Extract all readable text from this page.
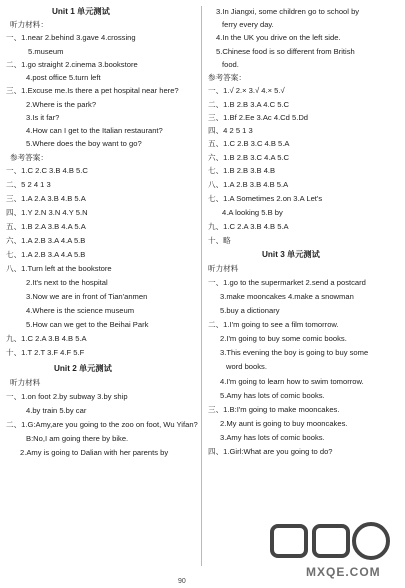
Unit 1 单元测试
听力材料：
一、1.near 2.behind 3.gave 4.crossing
5.museum
二、1.go straight 2.cinema 3.bookstore
4.post office 5.turn left
三、1.Excuse me.Is there a pet hospital near here?
2.Where is the park?
3.Is it far?
4.How can I get to the Italian restaurant?
5.Where does the boy want to go?
参考答案：
一、1.C 2.C 3.B 4.B 5.C
二、5 2 4 1 3
三、1.A 2.A 3.B 4.B 5.A
四、1.Y 2.N 3.N 4.Y 5.N
五、1.B 2.A 3.B 4.A 5.A
六、1.A 2.B 3.A 4.A 5.B
七、1.A 2.B 3.A 4.A 5.B
八、1.Turn left at the bookstore
2.It's next to the hospital
3.Now we are in front of Tian'anmen
4.Where is the science museum
5.How can we get to the Beihai Park
九、1.C 2.A 3.B 4.B 5.A
十、1.T 2.T 3.F 4.F 5.F
Unit 2 单元测试
听力材料
一、1.on foot 2.by subway 3.by ship
4.by train 5.by car
二、1.G:Amy,are you going to the zoo on foot, Wu Yifan?
B:No,I am going there by bike.
2.Amy is going to Dalian with her parents by
3.In Jiangxi, some children go to school by
ferry every day.
4.In the UK you drive on the left side.
5.Chinese food is so different from British
food.
参考答案：
一、1.√ 2.× 3.√ 4.× 5.√
二、1.B 2.B 3.A 4.C 5.C
三、1.Bf 2.Ee 3.Ac 4.Cd 5.Dd
四、4 2 5 1 3
五、1.C 2.B 3.C 4.B 5.A
六、1.B 2.B 3.C 4.A 5.C
七、1.B 2.B 3.B 4.B
八、1.A 2.B 3.B 4.B 5.A
七、1.A Sometimes 2.on 3.A Let's
4.A looking 5.B by
九、1.C 2.A 3.B 4.B 5.A
十、略
Unit 3 单元测试
听力材料
一、1.go to the supermarket 2.send a postcard
3.make mooncakes 4.make a snowman
5.buy a dictionary
二、1.I'm going to see a film tomorrow.
2.I'm going to buy some comic books.
3.This evening the boy is going to buy some
word books.
4.I'm going to learn how to swim tomorrow.
5.Amy has lots of comic books.
三、1.B:I'm going to make mooncakes.
2.My aunt is going to buy mooncakes.
3.Amy has lots of comic books.
四、1.Girl:What are you going to do?
90
MXQE.COM
